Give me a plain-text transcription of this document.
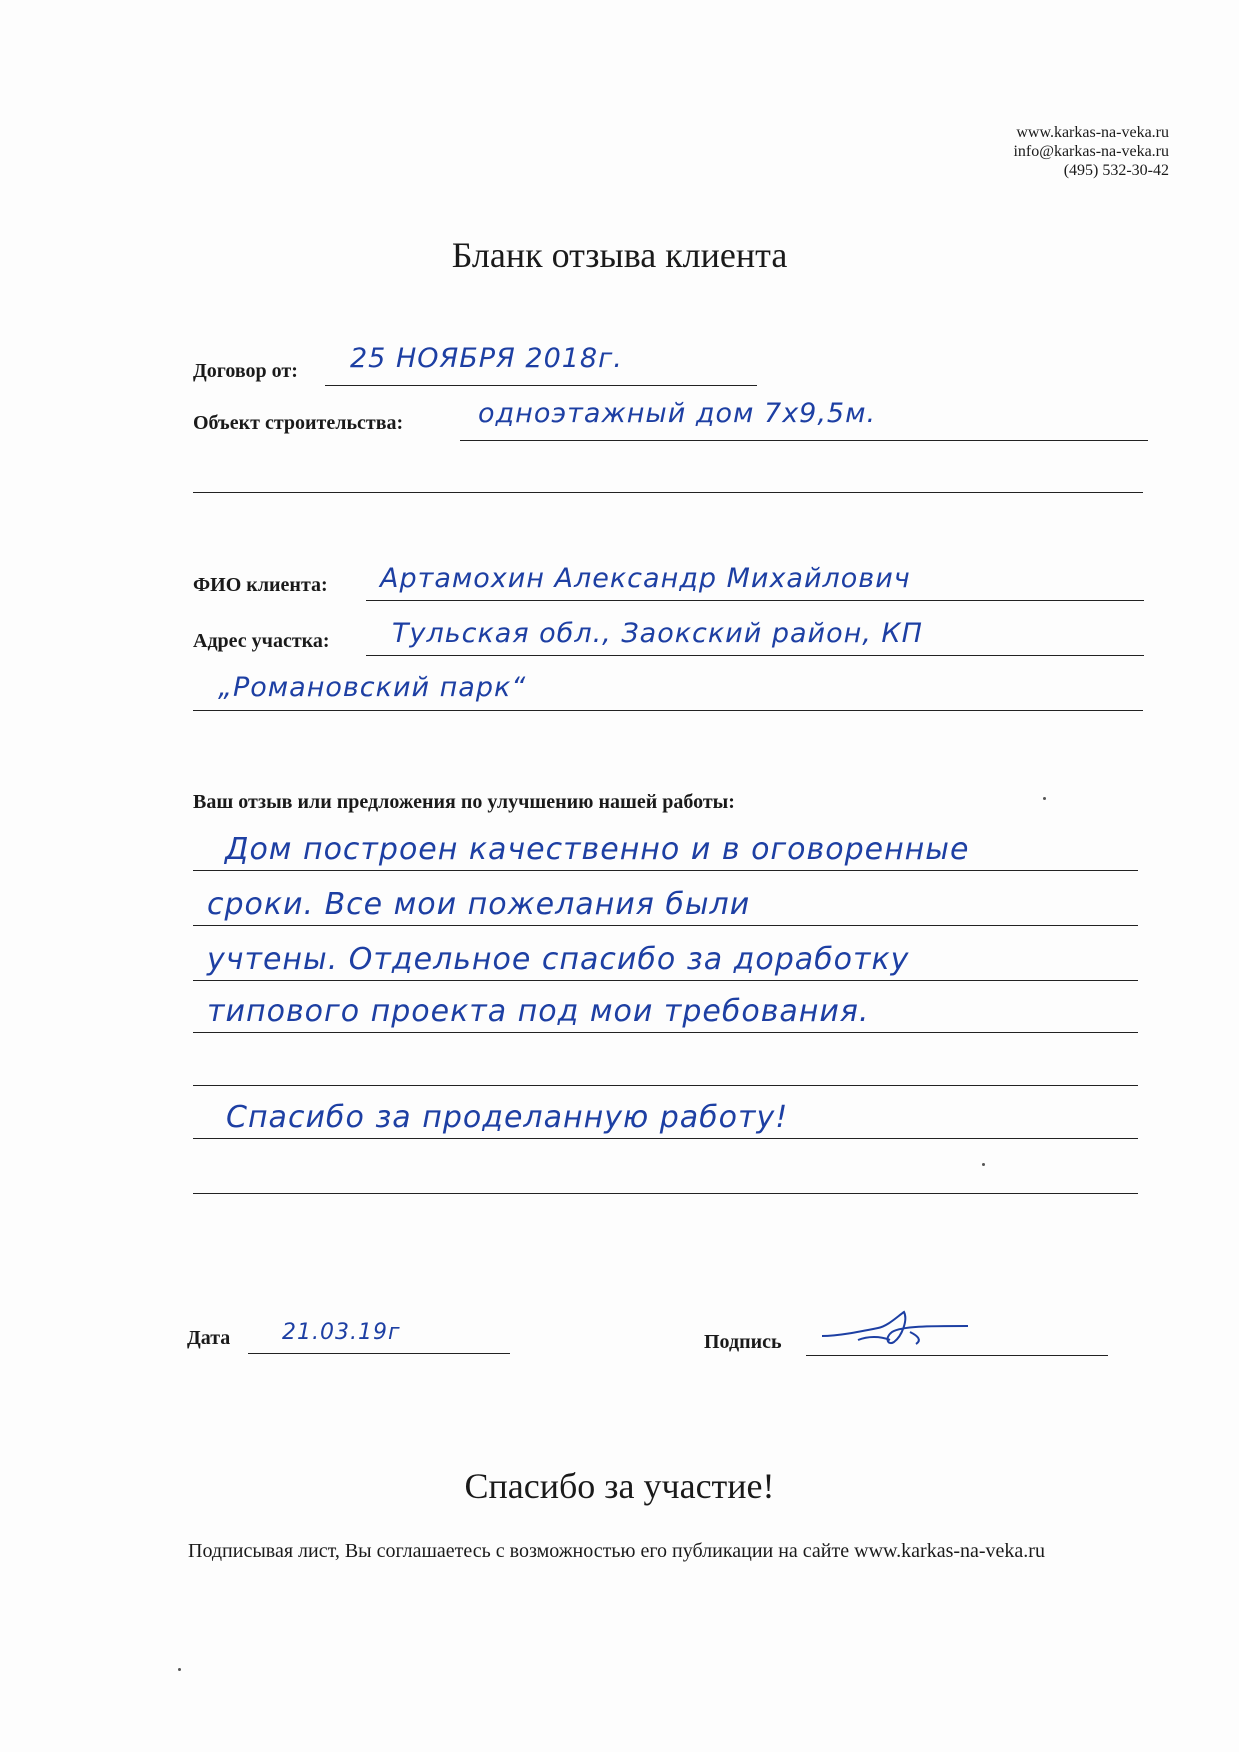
www.karkas-na-veka.ru
info@karkas-na-veka.ru
(495) 532-30-42
Бланк отзыва клиента
Договор от: 25 НОЯБРЯ 2018г.
Объект строительства:	одноэтажный дом 7х9,5м.
ФИО клиента: Артамохин Александр Михайлович
Адрес участка: Тульская обл., Заокский район, КП
„Романовский парк“
Ваш отзыв или предложения по улучшению нашей работы:
Дом построен качественно и в оговоренные
сроки. Все мои пожелания были
учтены. Отдельное спасибо за доработку
типового проекта под мои требования.
Спасибо за проделанную работу!
Дата 21.03.19г	Подпись
Спасибо за участие!
Подписывая лист, Вы соглашаетесь с возможностью его публикации на сайте www.karkas-na-veka.ru
